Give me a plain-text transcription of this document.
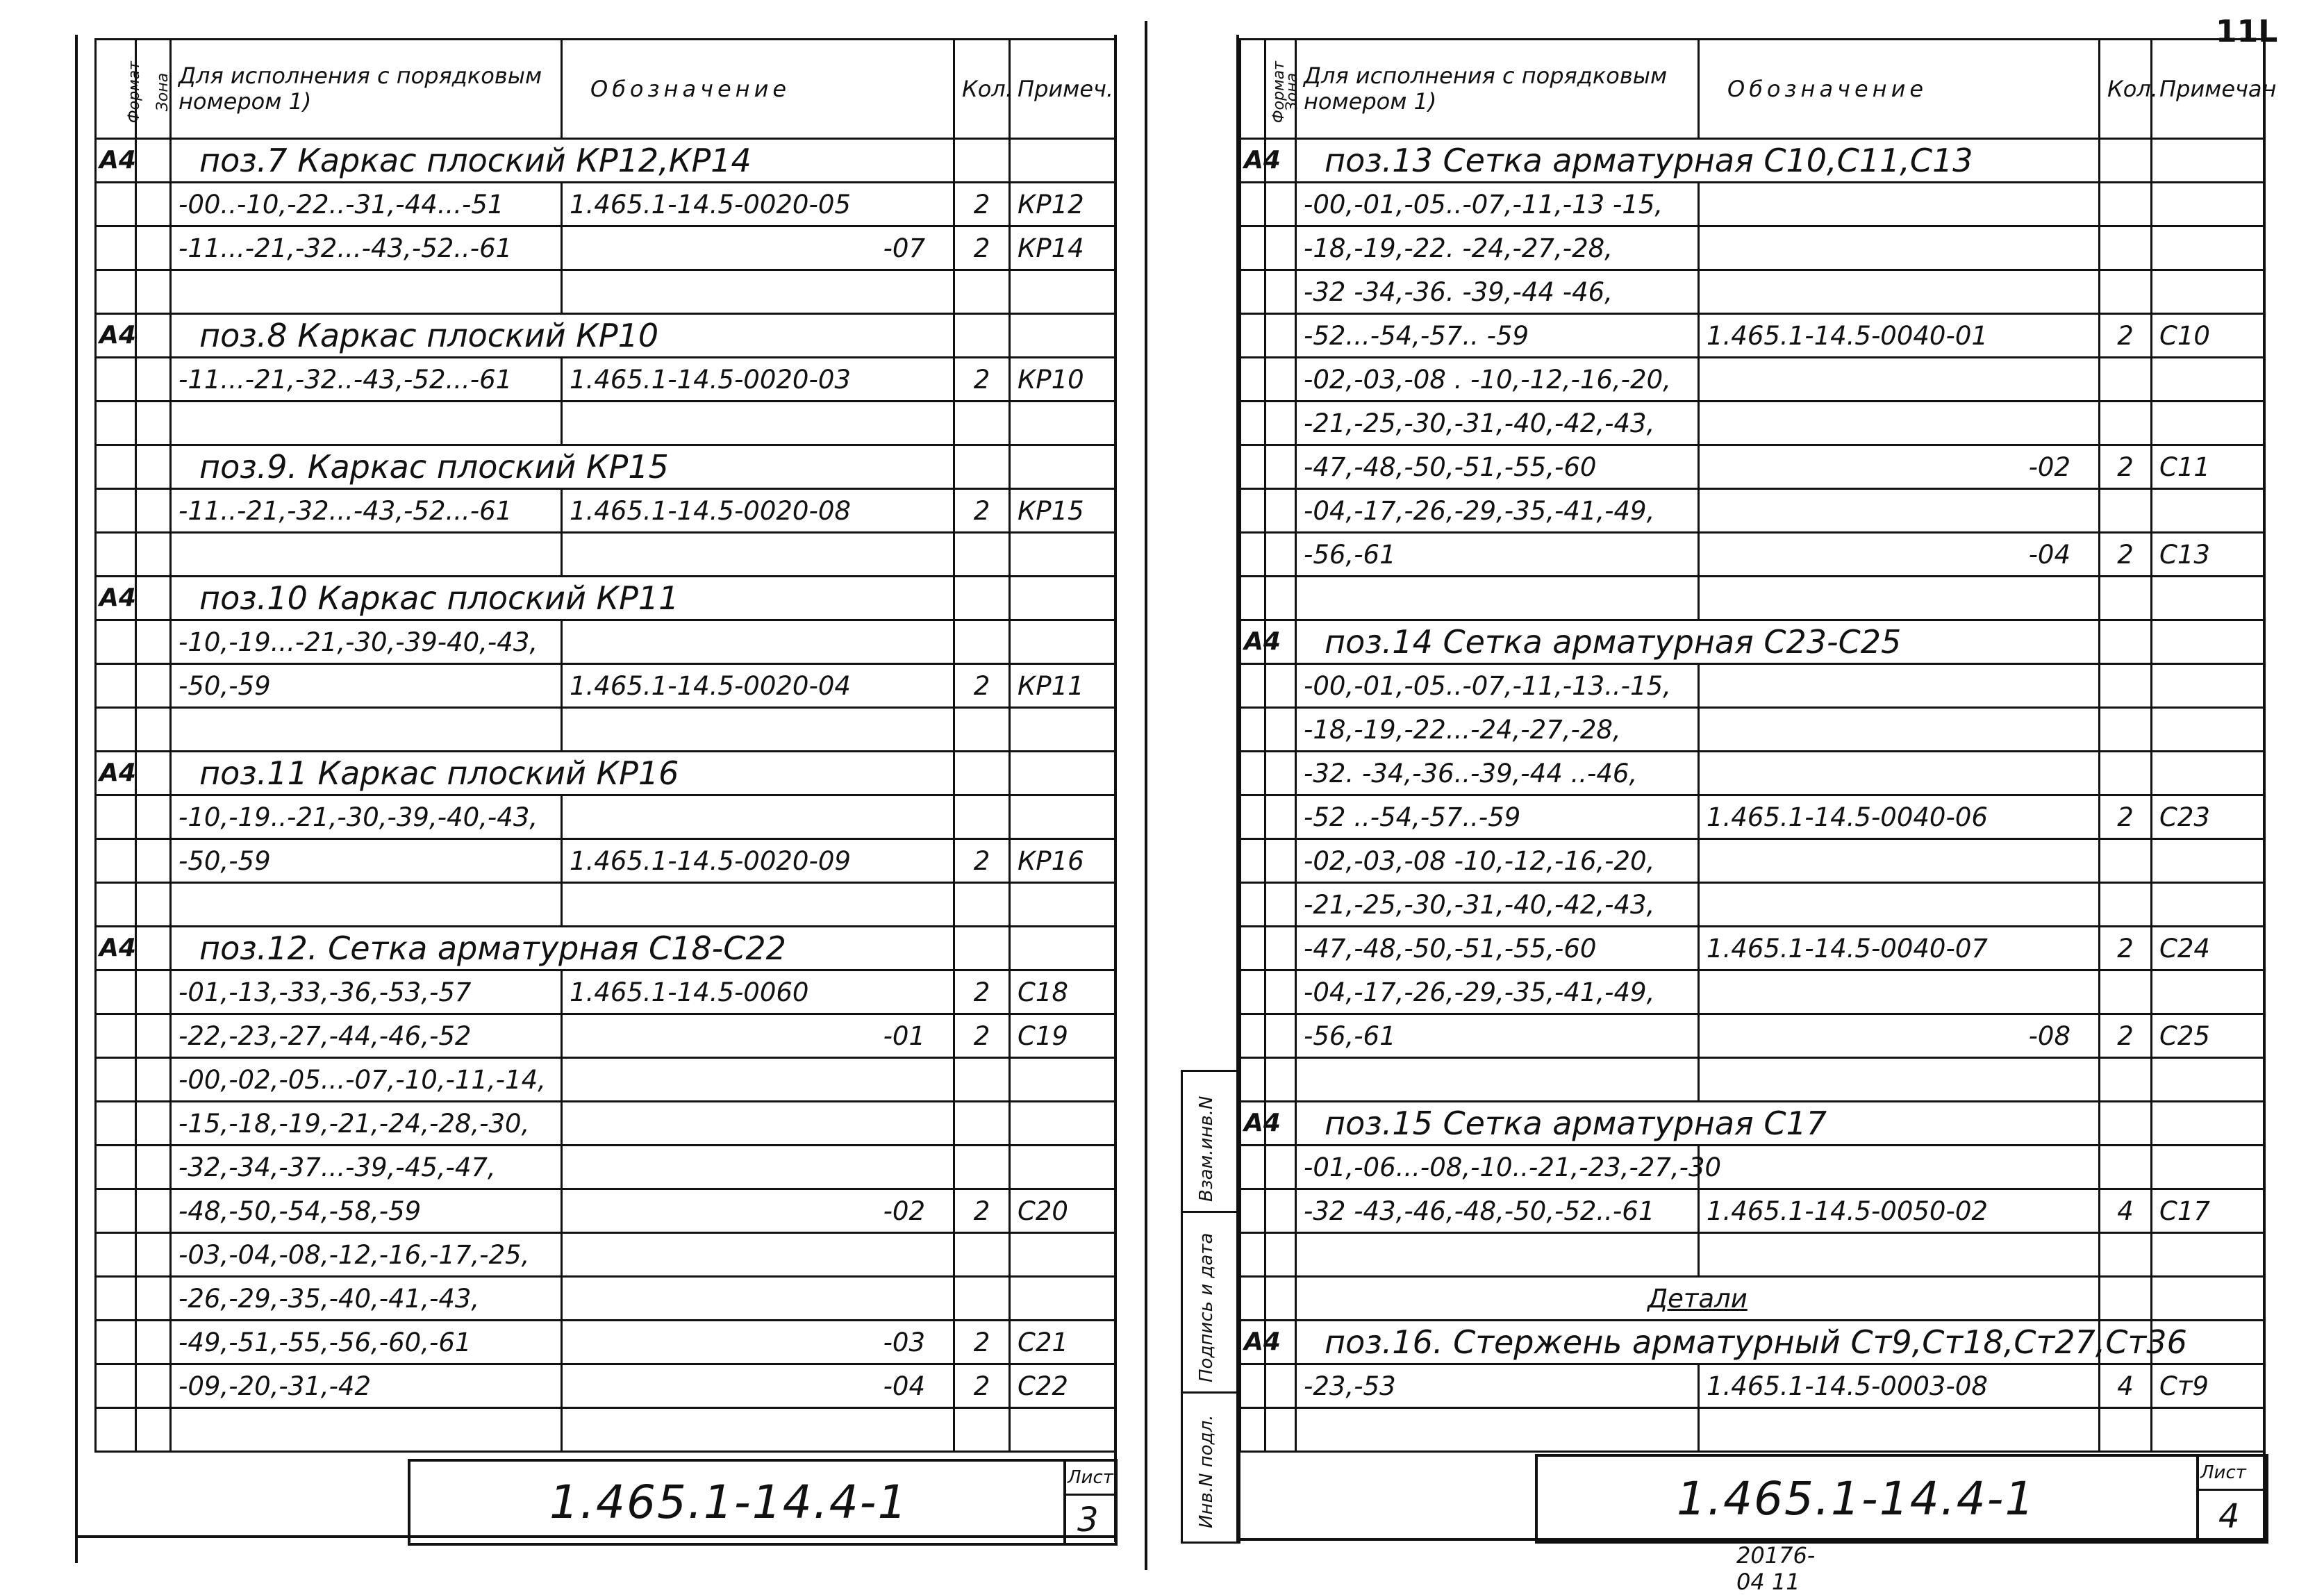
Формат	Зона	Для исполнения с порядковым номером 1)	Обозначение	Кол.	Примеч.
А4		поз.7 Каркас плоский КР12,КР14			
		-00..-10,-22..-31,-44...-51	1.465.1-14.5-0020-05	2	КР12
		-11...-21,-32...-43,-52..-61	-07	2	КР14

А4		поз.8 Каркас плоский КР10			
		-11...-21,-32..-43,-52...-61	1.465.1-14.5-0020-03	2	КР10

		поз.9. Каркас плоский КР15			
		-11..-21,-32...-43,-52...-61	1.465.1-14.5-0020-08	2	КР15

А4		поз.10 Каркас плоский КР11			
		-10,-19...-21,-30,-39-40,-43,			
		-50,-59	1.465.1-14.5-0020-04	2	КР11

А4		поз.11 Каркас плоский КР16			
		-10,-19..-21,-30,-39,-40,-43,			
		-50,-59	1.465.1-14.5-0020-09	2	КР16

А4		поз.12. Сетка арматурная С18-С22			
		-01,-13,-33,-36,-53,-57	1.465.1-14.5-0060	2	С18
		-22,-23,-27,-44,-46,-52	-01	2	С19
		-00,-02,-05...-07,-10,-11,-14,			
		-15,-18,-19,-21,-24,-28,-30,			
		-32,-34,-37...-39,-45,-47,			
		-48,-50,-54,-58,-59	-02	2	С20
		-03,-04,-08,-12,-16,-17,-25,			
		-26,-29,-35,-40,-41,-43,			
		-49,-51,-55,-56,-60,-61	-03	2	С21
		-09,-20,-31,-42	-04	2	С22

1.465.1-14.4-1	Лист
3
Взам.инв.N
Подпись и дата
Инв.N подл.
Формат	Зона	Для исполнения с порядковым номером 1)	Обозначение	Кол.	Примечан
А4		поз.13 Сетка арматурная С10,С11,С13			
		-00,-01,-05..-07,-11,-13 -15,			
		-18,-19,-22. -24,-27,-28,			
		-32 -34,-36. -39,-44 -46,			
		-52...-54,-57.. -59	1.465.1-14.5-0040-01	2	С10
		-02,-03,-08 . -10,-12,-16,-20,			
		-21,-25,-30,-31,-40,-42,-43,			
		-47,-48,-50,-51,-55,-60	-02	2	С11
		-04,-17,-26,-29,-35,-41,-49,			
		-56,-61	-04	2	С13

А4		поз.14 Сетка арматурная С23-С25			
		-00,-01,-05..-07,-11,-13..-15,			
		-18,-19,-22...-24,-27,-28,			
		-32. -34,-36..-39,-44 ..-46,			
		-52 ..-54,-57..-59	1.465.1-14.5-0040-06	2	С23
		-02,-03,-08 -10,-12,-16,-20,			
		-21,-25,-30,-31,-40,-42,-43,			
		-47,-48,-50,-51,-55,-60	1.465.1-14.5-0040-07	2	С24
		-04,-17,-26,-29,-35,-41,-49,			
		-56,-61	-08	2	С25

А4		поз.15 Сетка арматурная С17			
		-01,-06...-08,-10..-21,-23,-27,-30			
		-32 -43,-46,-48,-50,-52..-61	1.465.1-14.5-0050-02	4	С17

		Детали			
А4		поз.16. Стержень арматурный Ст9,Ст18,Ст27,Ст36			
		-23,-53	1.465.1-14.5-0003-08	4	Ст9

1.465.1-14.4-1	Лист
4
11L
20176-04 11
